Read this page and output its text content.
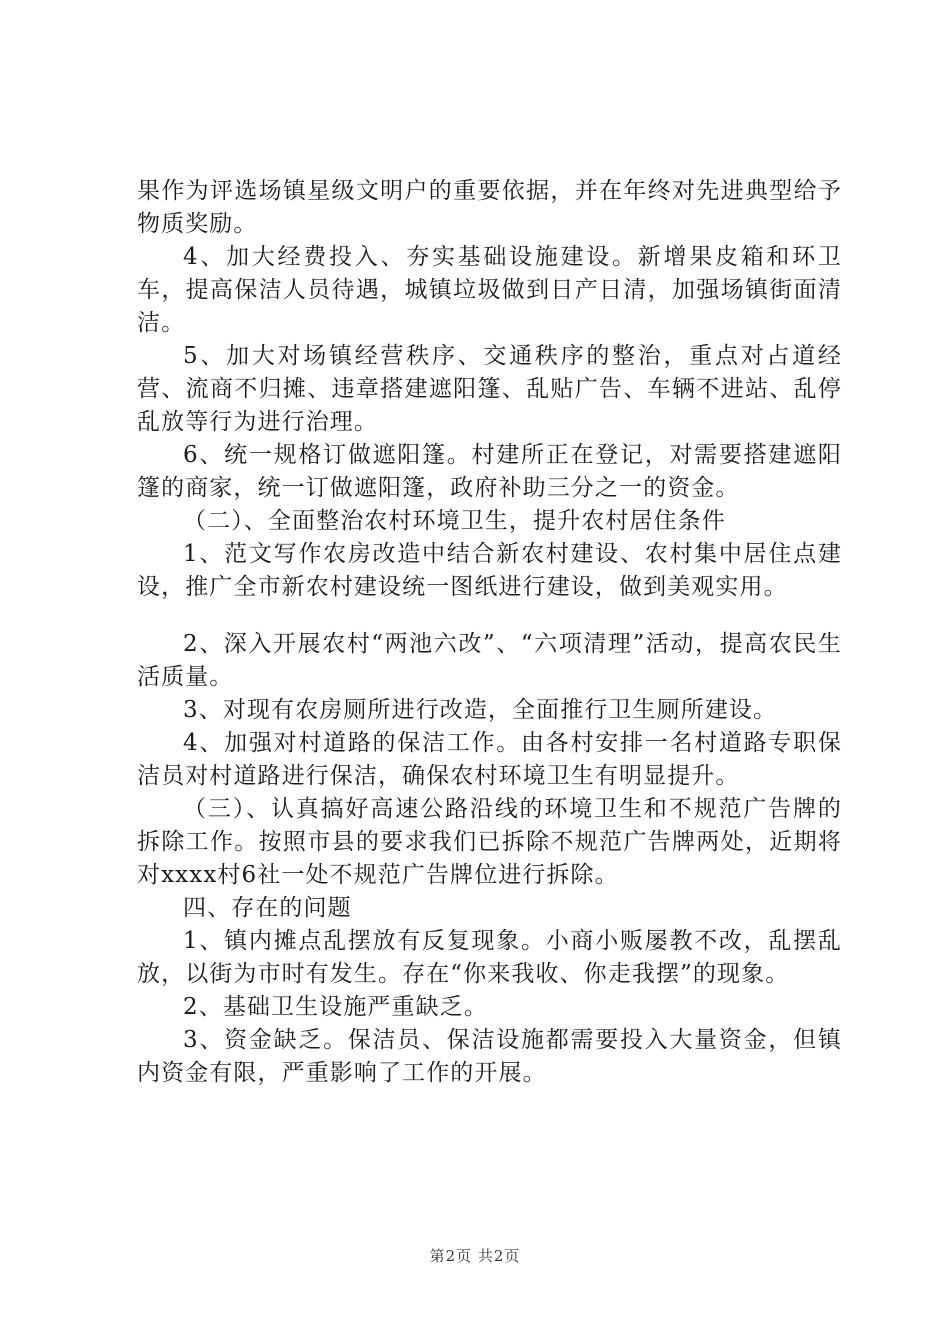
果作为评选场镇星级文明户的重要依据，并在年终对先进典型给予物质奖励。

4、加大经费投入、夯实基础设施建设。新增果皮箱和环卫车，提高保洁人员待遇，城镇垃圾做到日产日清，加强场镇街面清洁。

5、加大对场镇经营秩序、交通秩序的整治，重点对占道经营、流商不归摊、违章搭建遮阳篷、乱贴广告、车辆不进站、乱停乱放等行为进行治理。

6、统一规格订做遮阳篷。村建所正在登记，对需要搭建遮阳篷的商家，统一订做遮阳篷，政府补助三分之一的资金。

（二）、全面整治农村环境卫生，提升农村居住条件

1、范文写作农房改造中结合新农村建设、农村集中居住点建设，推广全市新农村建设统一图纸进行建设，做到美观实用。

2、深入开展农村“两池六改”、“六项清理”活动，提高农民生活质量。

3、对现有农房厕所进行改造，全面推行卫生厕所建设。

4、加强对村道路的保洁工作。由各村安排一名村道路专职保洁员对村道路进行保洁，确保农村环境卫生有明显提升。

（三）、认真搞好高速公路沿线的环境卫生和不规范广告牌的拆除工作。按照市县的要求我们已拆除不规范广告牌两处，近期将对xxxx村6社一处不规范广告牌位进行拆除。

四、存在的问题

1、镇内摊点乱摆放有反复现象。小商小贩屡教不改，乱摆乱放，以街为市时有发生。存在“你来我收、你走我摆”的现象。

2、基础卫生设施严重缺乏。

3、资金缺乏。保洁员、保洁设施都需要投入大量资金，但镇内资金有限，严重影响了工作的开展。

第2页 共2页
